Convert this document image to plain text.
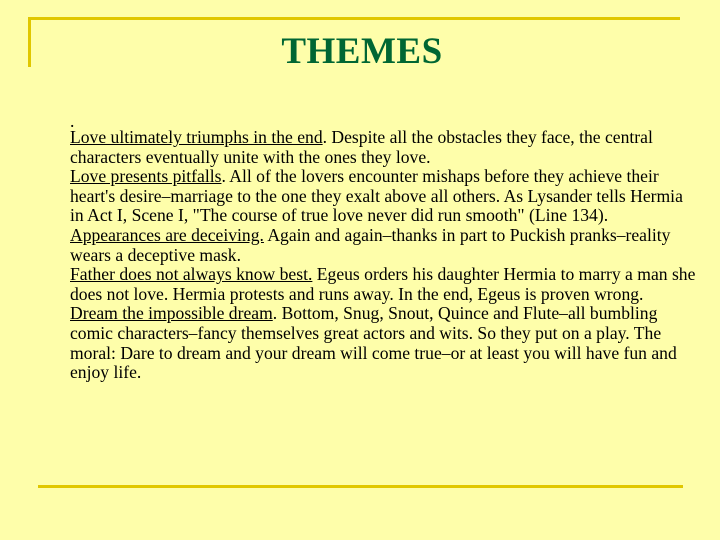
THEMES
.
Love ultimately triumphs in the end. Despite all the obstacles they face, the central characters eventually unite with the ones they love.
Love presents pitfalls. All of the lovers encounter mishaps before they achieve their heart's desire–marriage to the one they exalt above all others. As Lysander tells Hermia in Act I, Scene I, "The course of true love never did run smooth" (Line 134).
Appearances are deceiving. Again and again–thanks in part to Puckish pranks–reality wears a deceptive mask.
Father does not always know best. Egeus orders his daughter Hermia to marry a man she does not love. Hermia protests and runs away. In the end, Egeus is proven wrong.
Dream the impossible dream. Bottom, Snug, Snout, Quince and Flute–all bumbling comic characters–fancy themselves great actors and wits. So they put on a play. The moral: Dare to dream and your dream will come true–or at least you will have fun and enjoy life.
